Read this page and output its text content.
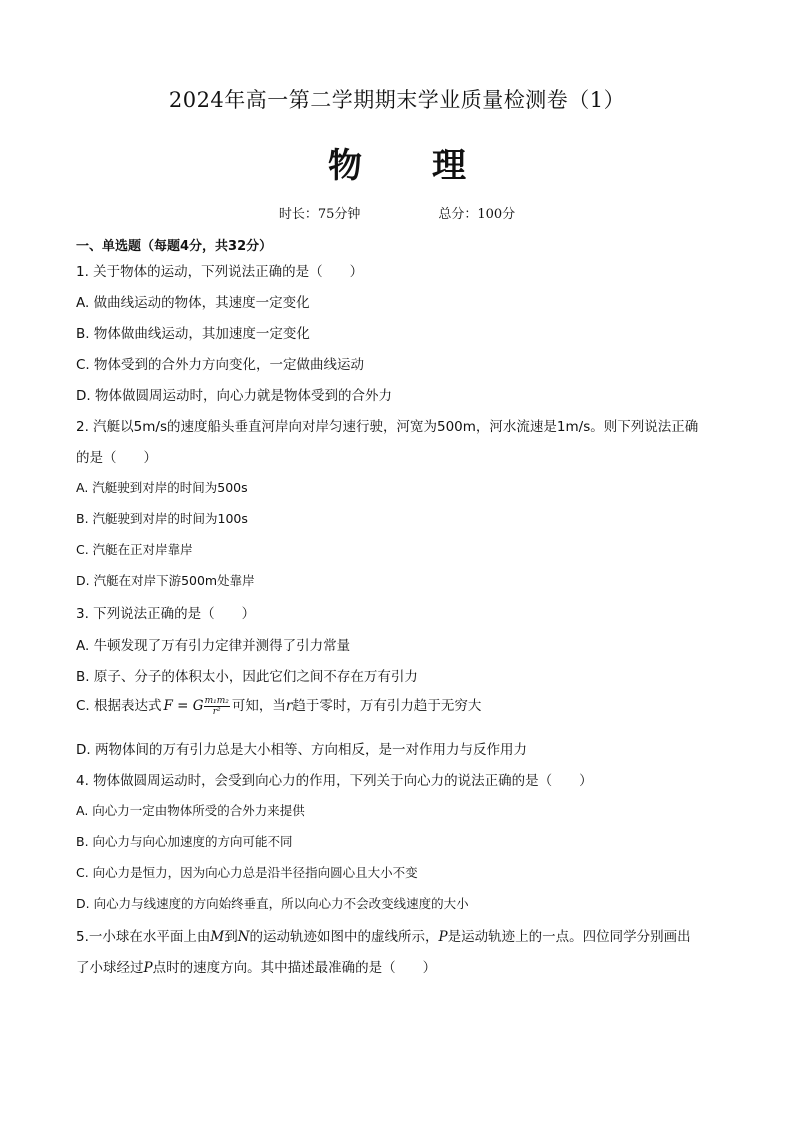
2024年高一第二学期期末学业质量检测卷（1）
物 理
时长：75分钟	总分：100分
一、单选题（每题4分，共32分）
1. 关于物体的运动，下列说法正确的是（　　）
A. 做曲线运动的物体，其速度一定变化
B. 物体做曲线运动，其加速度一定变化
C. 物体受到的合外力方向变化，一定做曲线运动
D. 物体做圆周运动时，向心力就是物体受到的合外力
2. 汽艇以5m/s的速度船头垂直河岸向对岸匀速行驶，河宽为500m，河水流速是1m/s。则下列说法正确
的是（　　）
A. 汽艇驶到对岸的时间为500s
B. 汽艇驶到对岸的时间为100s
C. 汽艇在正对岸靠岸
D. 汽艇在对岸下游500m处靠岸
3. 下列说法正确的是（　　）
A. 牛顿发现了万有引力定律并测得了引力常量
B. 原子、分子的体积太小，因此它们之间不存在万有引力
C. 根据表达式 F = G $\frac{\text{m₁m₂}}{\text{r²}}$ 可知，当r趋于零时，万有引力趋于无穷大
D. 两物体间的万有引力总是大小相等、方向相反，是一对作用力与反作用力
4. 物体做圆周运动时，会受到向心力的作用，下列关于向心力的说法正确的是（　　）
A. 向心力一定由物体所受的合外力来提供
B. 向心力与向心加速度的方向可能不同
C. 向心力是恒力，因为向心力总是沿半径指向圆心且大小不变
D. 向心力与线速度的方向始终垂直，所以向心力不会改变线速度的大小
5.一小球在水平面上由M到N的运动轨迹如图中的虚线所示，P是运动轨迹上的一点。四位同学分别画出
了小球经过P点时的速度方向。其中描述最准确的是（　　）
